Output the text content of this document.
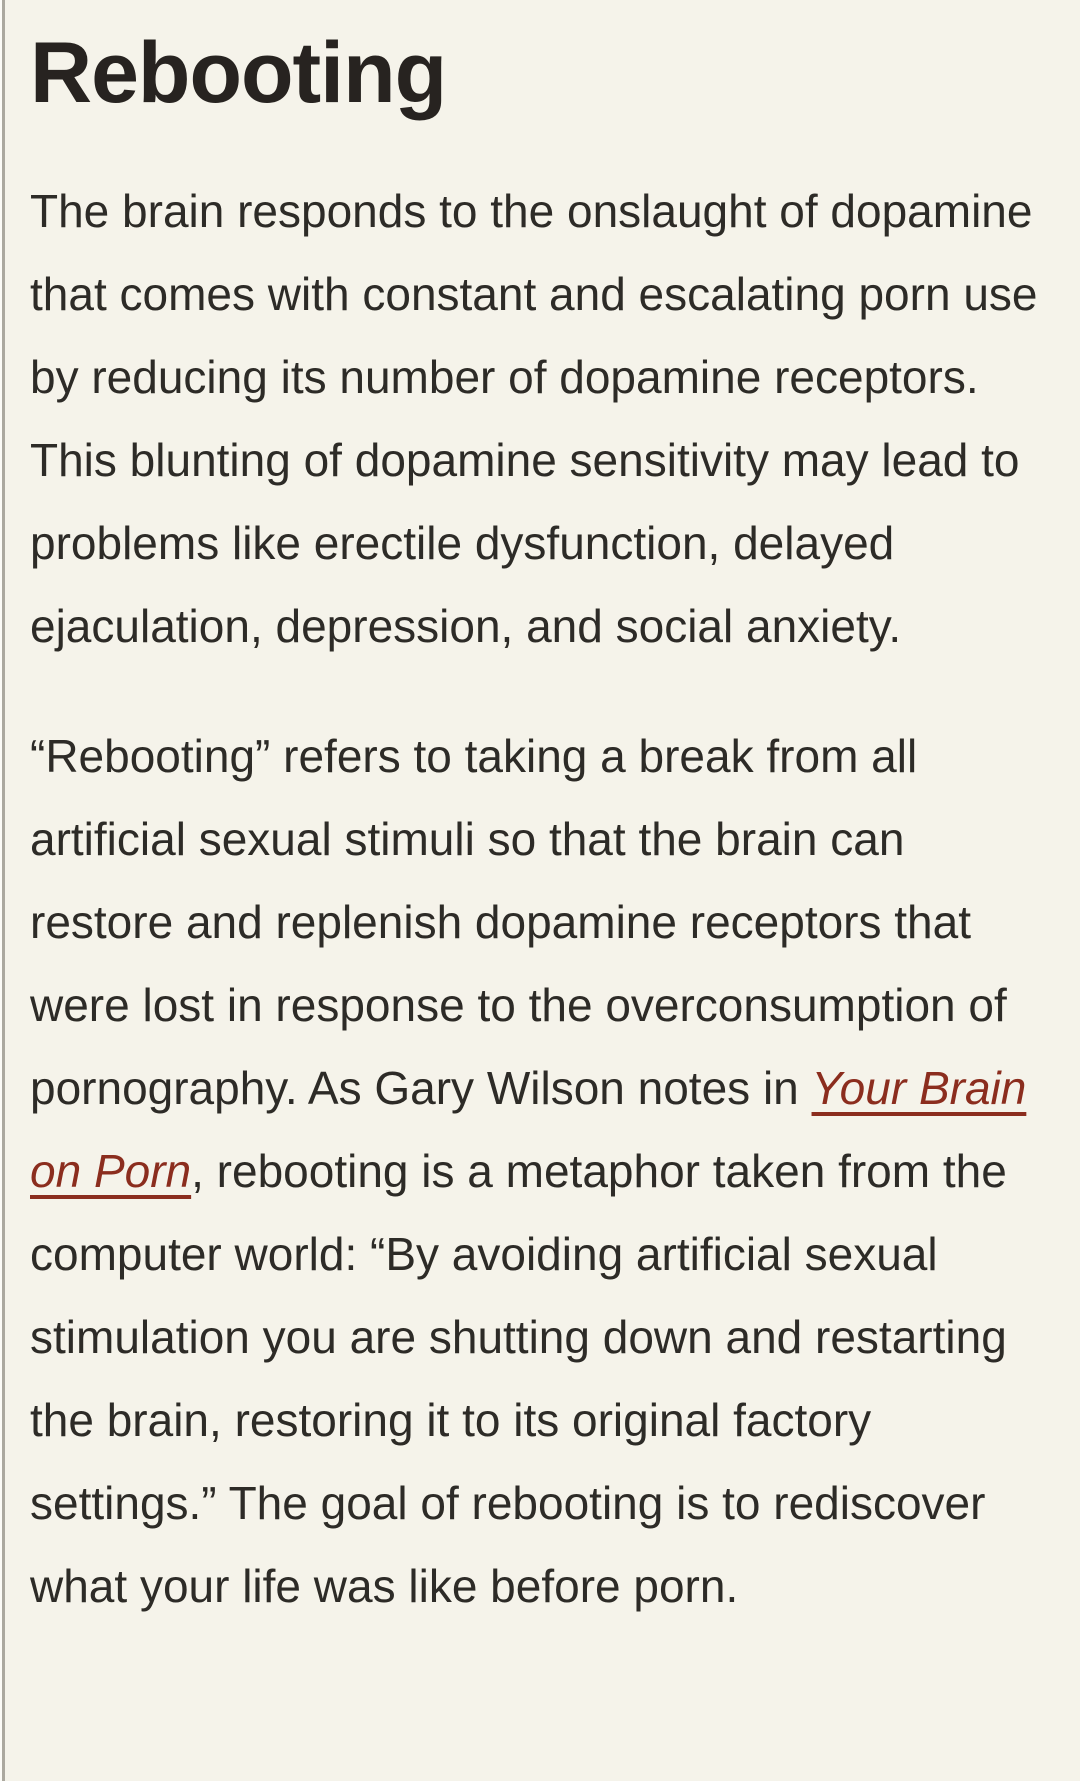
Rebooting

The brain responds to the onslaught of dopamine that comes with constant and escalating porn use by reducing its number of dopamine receptors. This blunting of dopamine sensitivity may lead to problems like erectile dysfunction, delayed ejaculation, depression, and social anxiety.

“Rebooting” refers to taking a break from all artificial sexual stimuli so that the brain can restore and replenish dopamine receptors that were lost in response to the overconsumption of pornography. As Gary Wilson notes in Your Brain on Porn, rebooting is a metaphor taken from the computer world: “By avoiding artificial sexual stimulation you are shutting down and restarting the brain, restoring it to its original factory settings.” The goal of rebooting is to rediscover what your life was like before porn.
